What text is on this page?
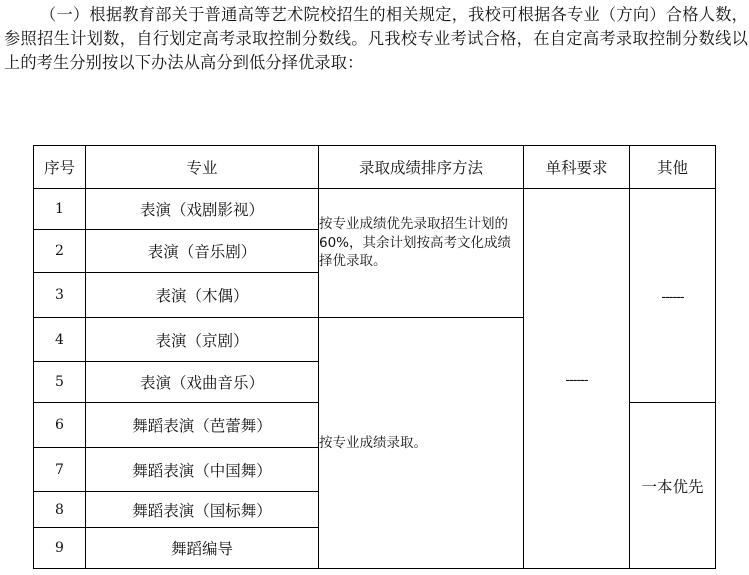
（一）根据教育部关于普通高等艺术院校招生的相关规定，我校可根据各专业（方向）合格人数，参照招生计划数，自行划定高考录取控制分数线。凡我校专业考试合格，在自定高考录取控制分数线以上的考生分别按以下办法从高分到低分择优录取：

序号	专业	录取成绩排序方法	单科要求	其他
1	表演（戏剧影视）	按专业成绩优先录取招生计划的 60%，其余计划按高考文化成绩择优录取。	------	------
2	表演（音乐剧）			
3	表演（木偶）			
4	表演（京剧）	按专业成绩录取。		
5	表演（戏曲音乐）			
6	舞蹈表演（芭蕾舞）			一本优先
7	舞蹈表演（中国舞）			
8	舞蹈表演（国标舞）			
9	舞蹈编导			
